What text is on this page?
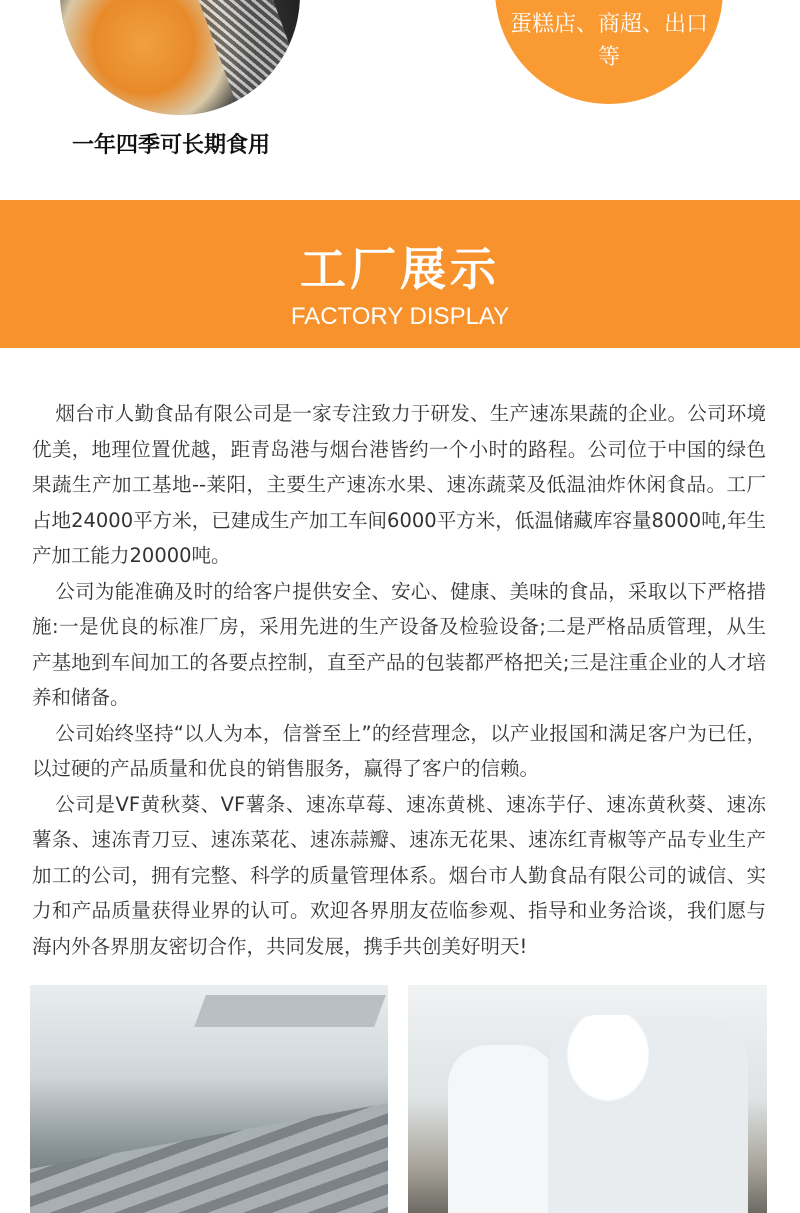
一年四季可长期食用
蛋糕店、商超、出口等
工厂展示
FACTORY DISPLAY

烟台市人勤食品有限公司是一家专注致力于研发、生产速冻果蔬的企业。公司环境优美，地理位置优越，距青岛港与烟台港皆约一个小时的路程。公司位于中国的绿色果蔬生产加工基地--莱阳，主要生产速冻水果、速冻蔬菜及低温油炸休闲食品。工厂占地24000平方米，已建成生产加工车间6000平方米，低温储藏库容量8000吨,年生产加工能力20000吨。

公司为能准确及时的给客户提供安全、安心、健康、美味的食品，采取以下严格措施:一是优良的标准厂房，采用先进的生产设备及检验设备;二是严格品质管理，从生产基地到车间加工的各要点控制，直至产品的包装都严格把关;三是注重企业的人才培养和储备。

公司始终坚持“以人为本，信誉至上”的经营理念，以产业报国和满足客户为已任，以过硬的产品质量和优良的销售服务，赢得了客户的信赖。

公司是VF黄秋葵、VF薯条、速冻草莓、速冻黄桃、速冻芋仔、速冻黄秋葵、速冻薯条、速冻青刀豆、速冻菜花、速冻蒜瓣、速冻无花果、速冻红青椒等产品专业生产加工的公司，拥有完整、科学的质量管理体系。烟台市人勤食品有限公司的诚信、实力和产品质量获得业界的认可。欢迎各界朋友莅临参观、指导和业务洽谈，我们愿与海内外各界朋友密切合作，共同发展，携手共创美好明天!
